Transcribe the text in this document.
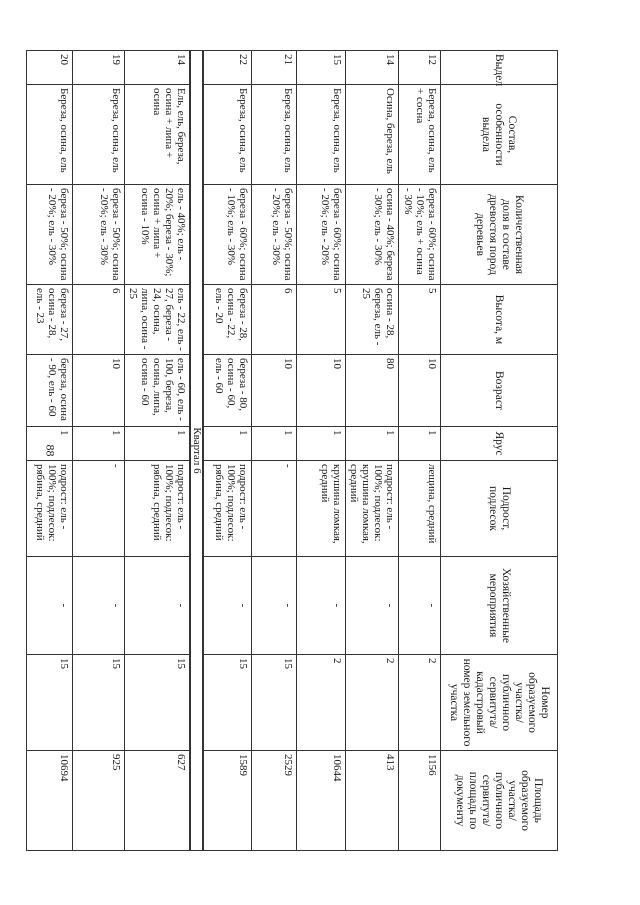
88
Выдел	Состав, особенности выдела	Количественная доля в составе древостоя пород деревьев	Высота, м	Возраст	Ярус	Подрост, подлесок	Хозяйственные мероприятия	Номер образуемого участка/ публичного сервитута/кадастровый номер земельного участка	Площадь образуемого участка/ публичного сервитута/площадь по документу
12	Береза, осина, ель + сосна	береза - 60%; осина - 10%; ель + осина - 30%	5	10	1	лещина, средний	-	2	1156
14	Осина, береза, ель	осина - 40%; береза - 30%; ель - 30%	осина - 28, береза, ель - 25	80	1	подрост: ель - 100%; подлесок: крушина ломкая, средний	-	2	413
15	Береза, осина, ель	береза - 60%; осина - 20%; ель - 20%	5	10	1	крушина ломкая, средний	-	2	10644
21	Береза, осина, ель	береза - 50%; осина - 20%; ель - 30%	6	10	1	-	-	15	2529
22	Береза, осина, ель	береза - 60%; осина - 10%; ель - 30%	береза - 28, осина - 22, ель - 20	береза - 80, осина - 60, ель - 60	1	подрост: ель - 100%; подлесок: рябина, средний	-	15	1589
Квартал 6									
14	Ель, ель, береза, осина + липа + осина	ель - 40%; ель - 20%; береза - 30%; осина + липа + осина - 10%	ель - 22, ель - 27, береза - 24, осина, липа, осина - 25	ель - 60, ель - 100, береза, осина, липа, осина - 60	1	подрост: ель - 100%; подлесок: рябина, средний	-	15	627
19	Береза, осина, ель	береза - 50%; осина - 20%; ель - 30%	6	10	1	-	-	15	925
20	Береза, осина, ель	береза - 50%; осина - 20%; ель - 30%	береза - 27, осина - 28, ель - 23	береза, осина - 90, ель - 60	1	подрост: ель - 100%; подлесок: рябина, средний	-	15	10694
